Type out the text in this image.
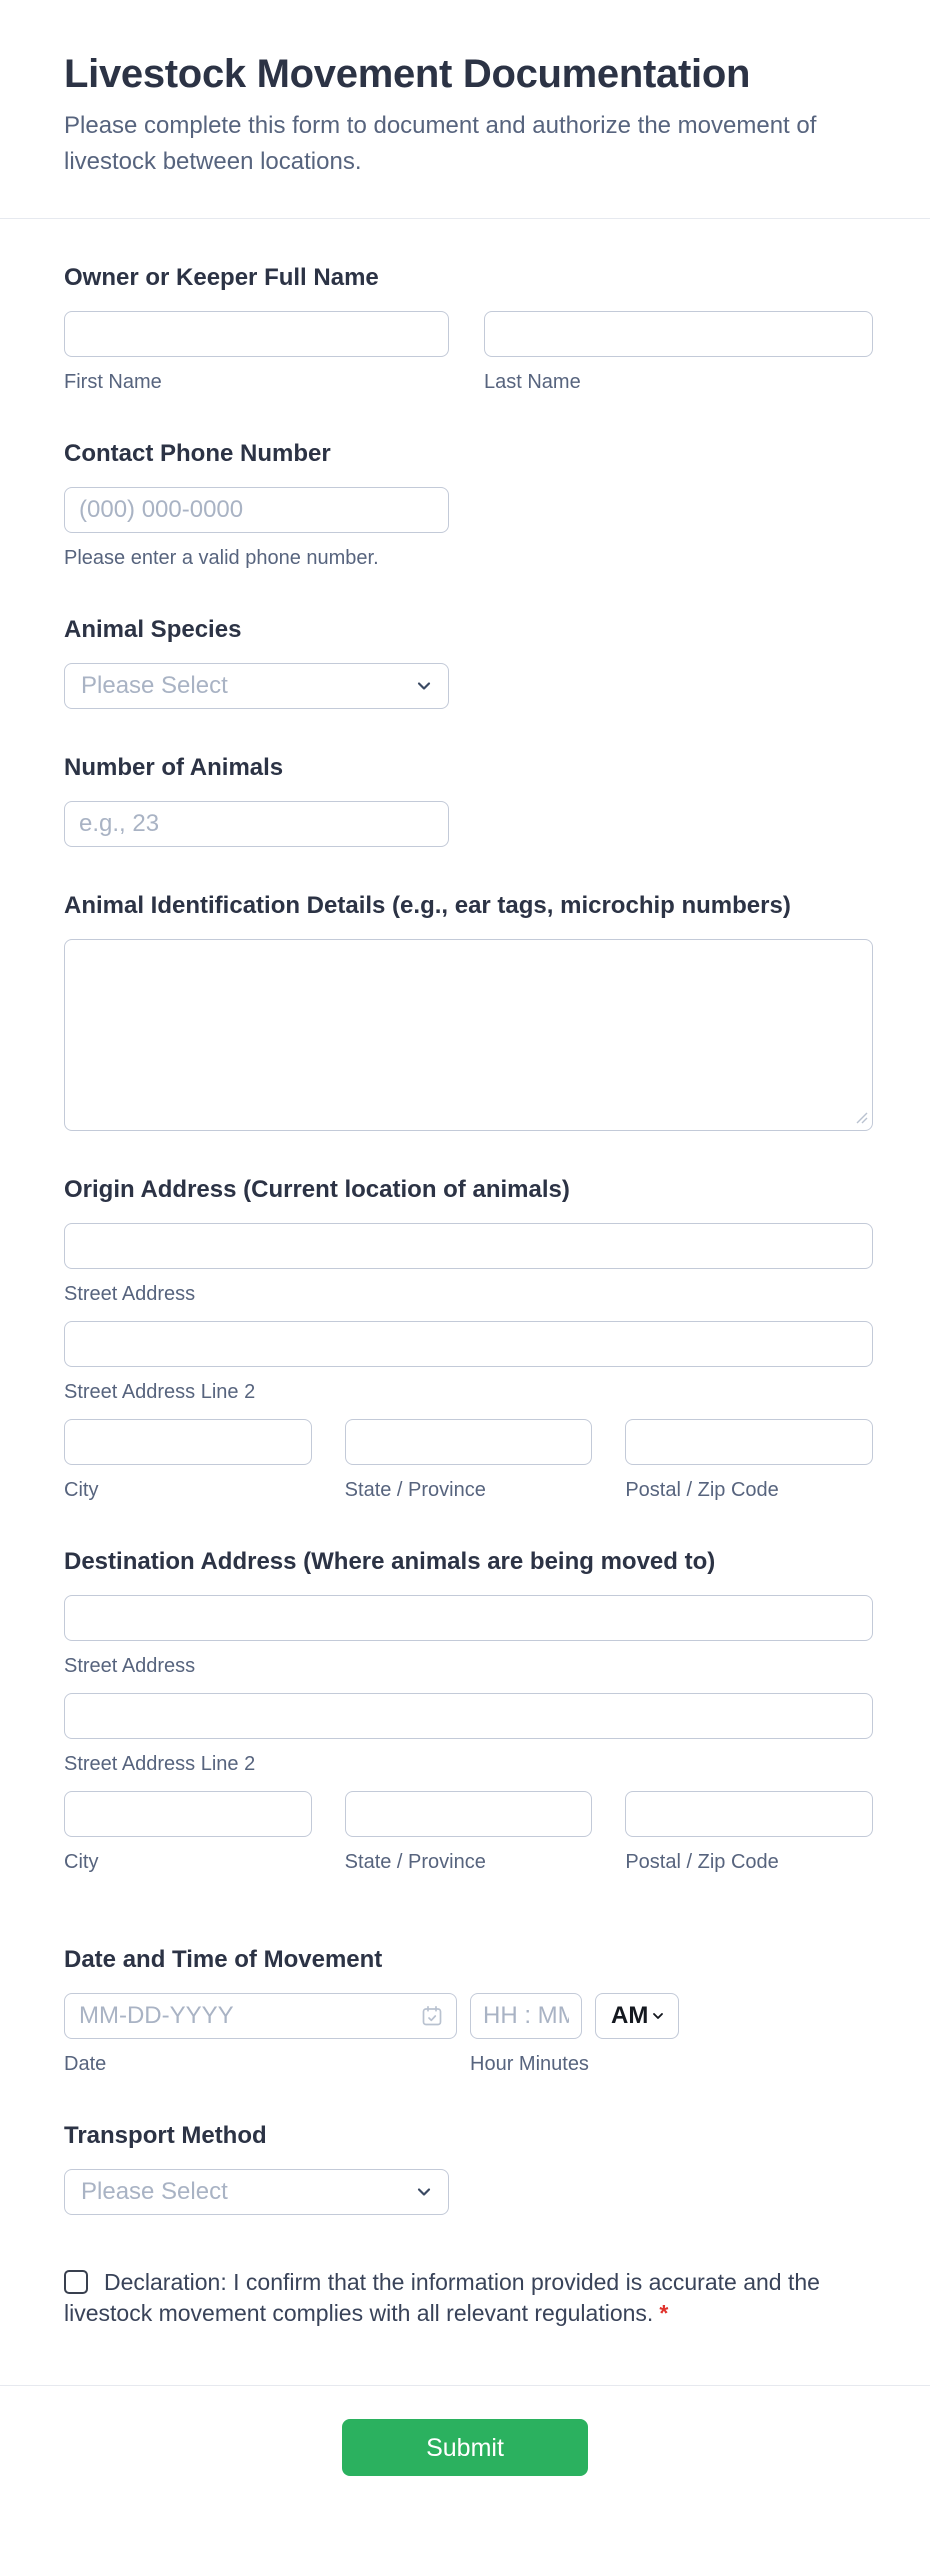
Livestock Movement Documentation

Please complete this form to document and authorize the movement of livestock between locations.

Owner or Keeper Full Name
First Name	Last Name
Contact Phone Number
(000) 000-0000
Please enter a valid phone number.
Animal Species
Please Select
Number of Animals
e.g., 23
Animal Identification Details (e.g., ear tags, microchip numbers)
Origin Address (Current location of animals)
Street Address
Street Address Line 2
City	State / Province	Postal / Zip Code
Destination Address (Where animals are being moved to)
Street Address
Street Address Line 2
City	State / Province	Postal / Zip Code
Date and Time of Movement
MM-DD-YYYY
HH : MM
AM
Date	Hour Minutes
Transport Method
Please Select
Declaration: I confirm that the information provided is accurate and the livestock movement complies with all relevant regulations. *
Submit Documentation
